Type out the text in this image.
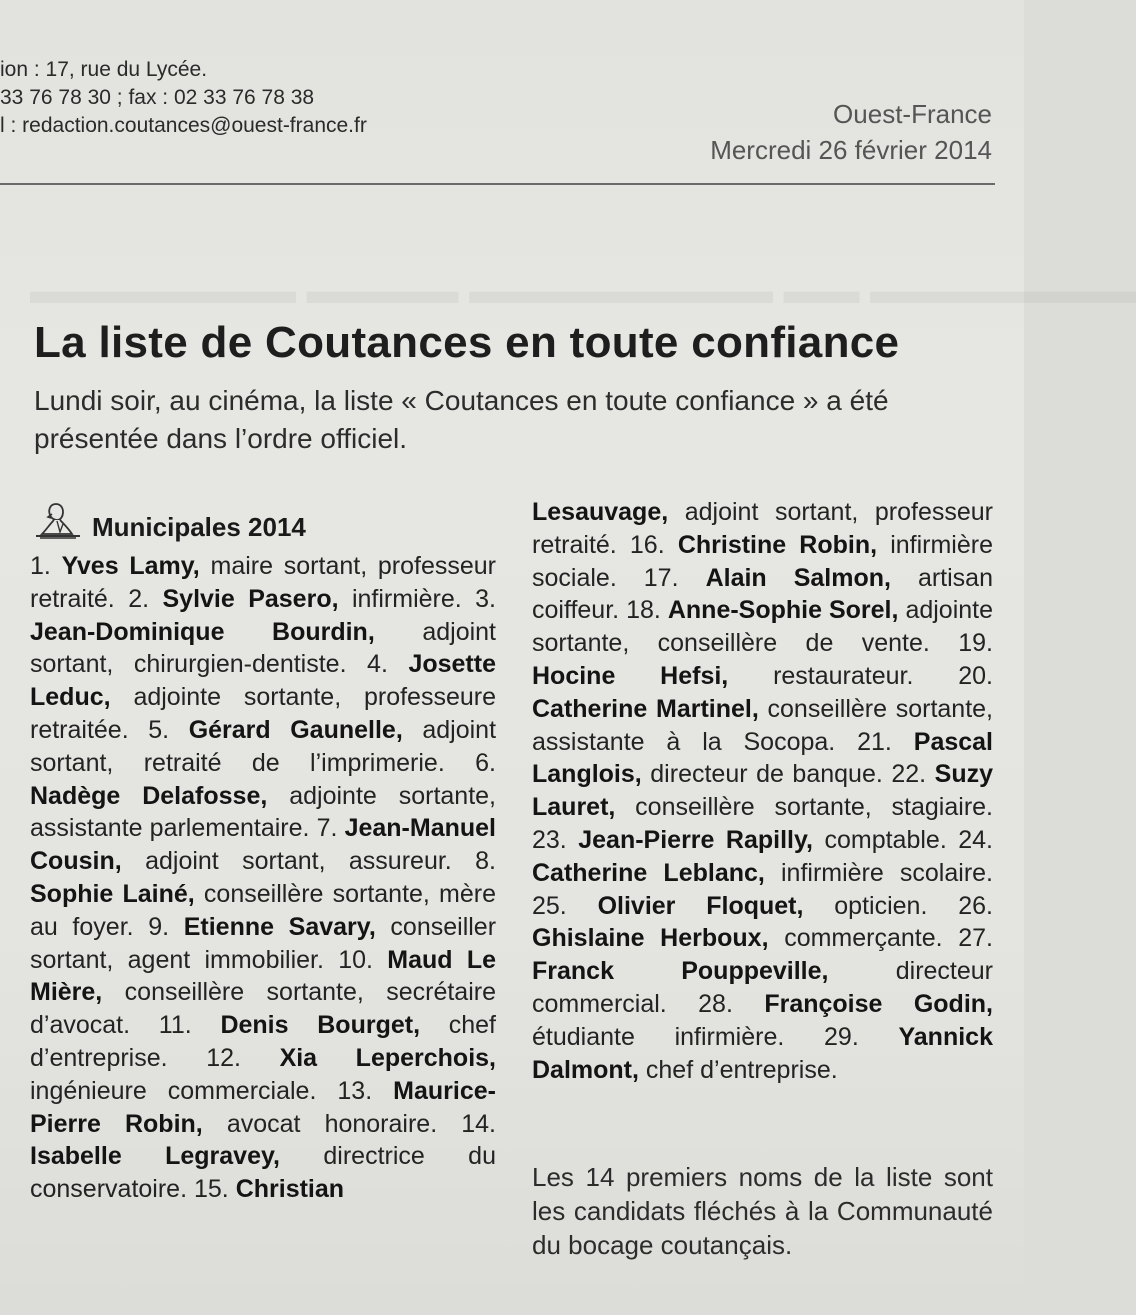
ion : 17, rue du Lycée.
33 76 78 30 ; fax : 02 33 76 78 38
l : redaction.coutances@ouest-france.fr	Ouest-France
Mercredi 26 février 2014
▬▬▬▬▬▬▬ ▬▬▬▬ ▬▬▬▬▬▬▬▬ ▬▬ ▬▬▬▬▬▬▬
La liste de Coutances en toute confiance
Lundi soir, au cinéma, la liste « Coutances en toute confiance » a été présentée dans l’ordre officiel.
Municipales 2014
1. Yves Lamy, maire sortant, professeur retraité. 2. Sylvie Pasero, infirmière. 3. Jean-Dominique Bourdin, adjoint sortant, chirurgien-dentiste. 4. Josette Leduc, adjointe sortante, professeure retraitée. 5. Gérard Gaunelle, adjoint sortant, retraité de l’imprimerie. 6. Nadège Delafosse, adjointe sortante, assistante parlementaire. 7. Jean-Manuel Cousin, adjoint sortant, assureur. 8. Sophie Lainé, conseillère sortante, mère au foyer. 9. Etienne Savary, conseiller sortant, agent immobilier. 10. Maud Le Mière, conseillère sortante, secrétaire d’avocat. 11. Denis Bourget, chef d’entreprise. 12. Xia Leperchois, ingénieure commerciale. 13. Maurice-Pierre Robin, avocat honoraire. 14. Isabelle Legravey, directrice du conservatoire. 15. Christian
Lesauvage, adjoint sortant, professeur retraité. 16. Christine Robin, infirmière sociale. 17. Alain Salmon, artisan coiffeur. 18. Anne-Sophie Sorel, adjointe sortante, conseillère de vente. 19. Hocine Hefsi, restaurateur. 20. Catherine Martinel, conseillère sortante, assistante à la Socopa. 21. Pascal Langlois, directeur de banque. 22. Suzy Lauret, conseillère sortante, stagiaire. 23. Jean-Pierre Rapilly, comptable. 24. Catherine Leblanc, infirmière scolaire. 25. Olivier Floquet, opticien. 26. Ghislaine Herboux, commerçante. 27. Franck Pouppeville,	directeur commercial. 28. Françoise Godin, étudiante infirmière. 29. Yannick Dalmont, chef d’entreprise.
Les 14 premiers noms de la liste sont les candidats fléchés à la Communauté du bocage coutançais.
